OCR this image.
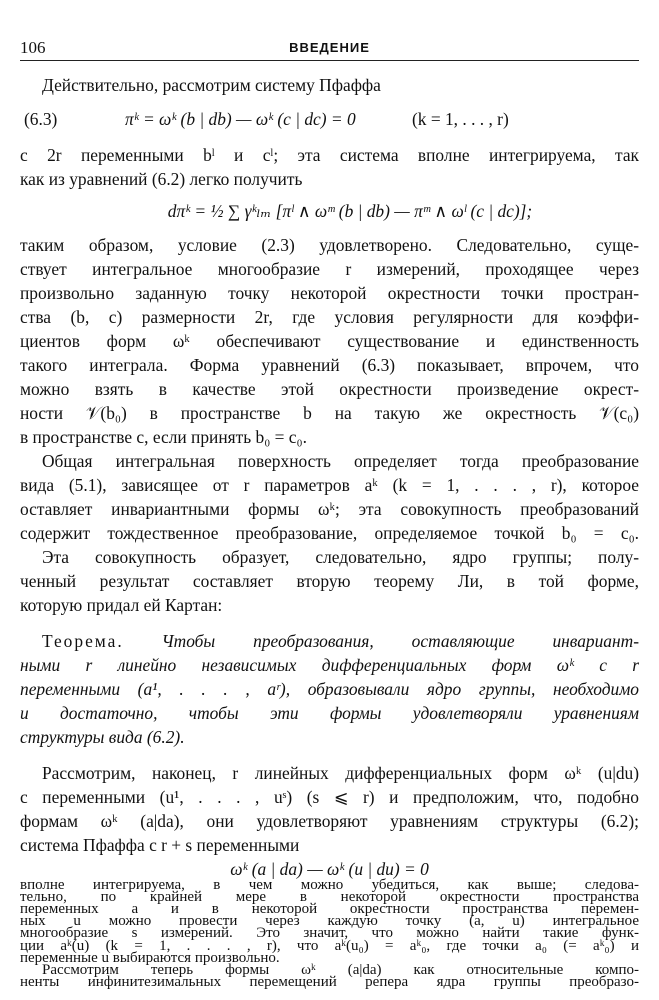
106	ВВЕДЕНИЕ
Действительно, рассмотрим систему Пфаффа
(6.3)	πᵏ = ωᵏ (b | db) — ωᵏ (c | dc) = 0	(k = 1, . . . , r)
с 2r переменными bˡ и cˡ; эта система вполне интегрируема, так
как из уравнений (6.2) легко получить
dπᵏ = ½ ∑ γᵏₗₘ [πˡ ∧ ωᵐ (b | db) — πᵐ ∧ ωˡ (c | dc)];
таким образом, условие (2.3) удовлетворено. Следовательно, суще-
ствует интегральное многообразие r измерений, проходящее через
произвольно заданную точку некоторой окрестности точки простран-
ства (b, c) размерности 2r, где условия регулярности для коэффи-
циентов форм ωᵏ обеспечивают существование и единственность
такого интеграла. Форма уравнений (6.3) показывает, впрочем, что
можно взять в качестве этой окрестности произведение окрест-
ности 𝒱(b₀) в пространстве b на такую же окрестность 𝒱(c₀)
в пространстве c, если принять b₀ = c₀.
Общая интегральная поверхность определяет тогда преобразование
вида (5.1), зависящее от r параметров aᵏ (k = 1, . . . , r), которое
оставляет инвариантными формы ωᵏ; эта совокупность преобразований
содержит тождественное преобразование, определяемое точкой b₀ = c₀.
Эта совокупность образует, следовательно, ядро группы; полу-
ченный результат составляет вторую теорему Ли, в той форме,
которую придал ей Картан:
Теорема. Чтобы преобразования, оставляющие инвариант-
ными r линейно независимых дифференциальных форм ωᵏ с r
переменными (a¹, . . . , aʳ), образовывали ядро группы, необходимо
и достаточно, чтобы эти формы удовлетворяли уравнениям
структуры вида (6.2).
Рассмотрим, наконец, r линейных дифференциальных форм ωᵏ (u|du)
с переменными (u¹, . . . , uˢ) (s ⩽ r) и предположим, что, подобно
формам ωᵏ (a|da), они удовлетворяют уравнениям структуры (6.2);
система Пфаффа с r + s переменными
ωᵏ (a | da) — ωᵏ (u | du) = 0
вполне интегрируема, в чем можно убедиться, как выше; следова-
тельно, по крайней мере в некоторой окрестности пространства
переменных a и в некоторой окрестности пространства перемен-
ных u можно провести через каждую точку (a, u) интегральное
многообразие s измерений. Это значит, что можно найти такие функ-
ции aᵏ(u) (k = 1, . . . , r), что aᵏ(u₀) = aᵏ₀, где точки a₀ (= aᵏ₀) и
переменные u выбираются произвольно.
Рассмотрим теперь формы ωᵏ (a|da) как относительные компо-
ненты инфинитезимальных перемещений репера ядра группы преобразо-
